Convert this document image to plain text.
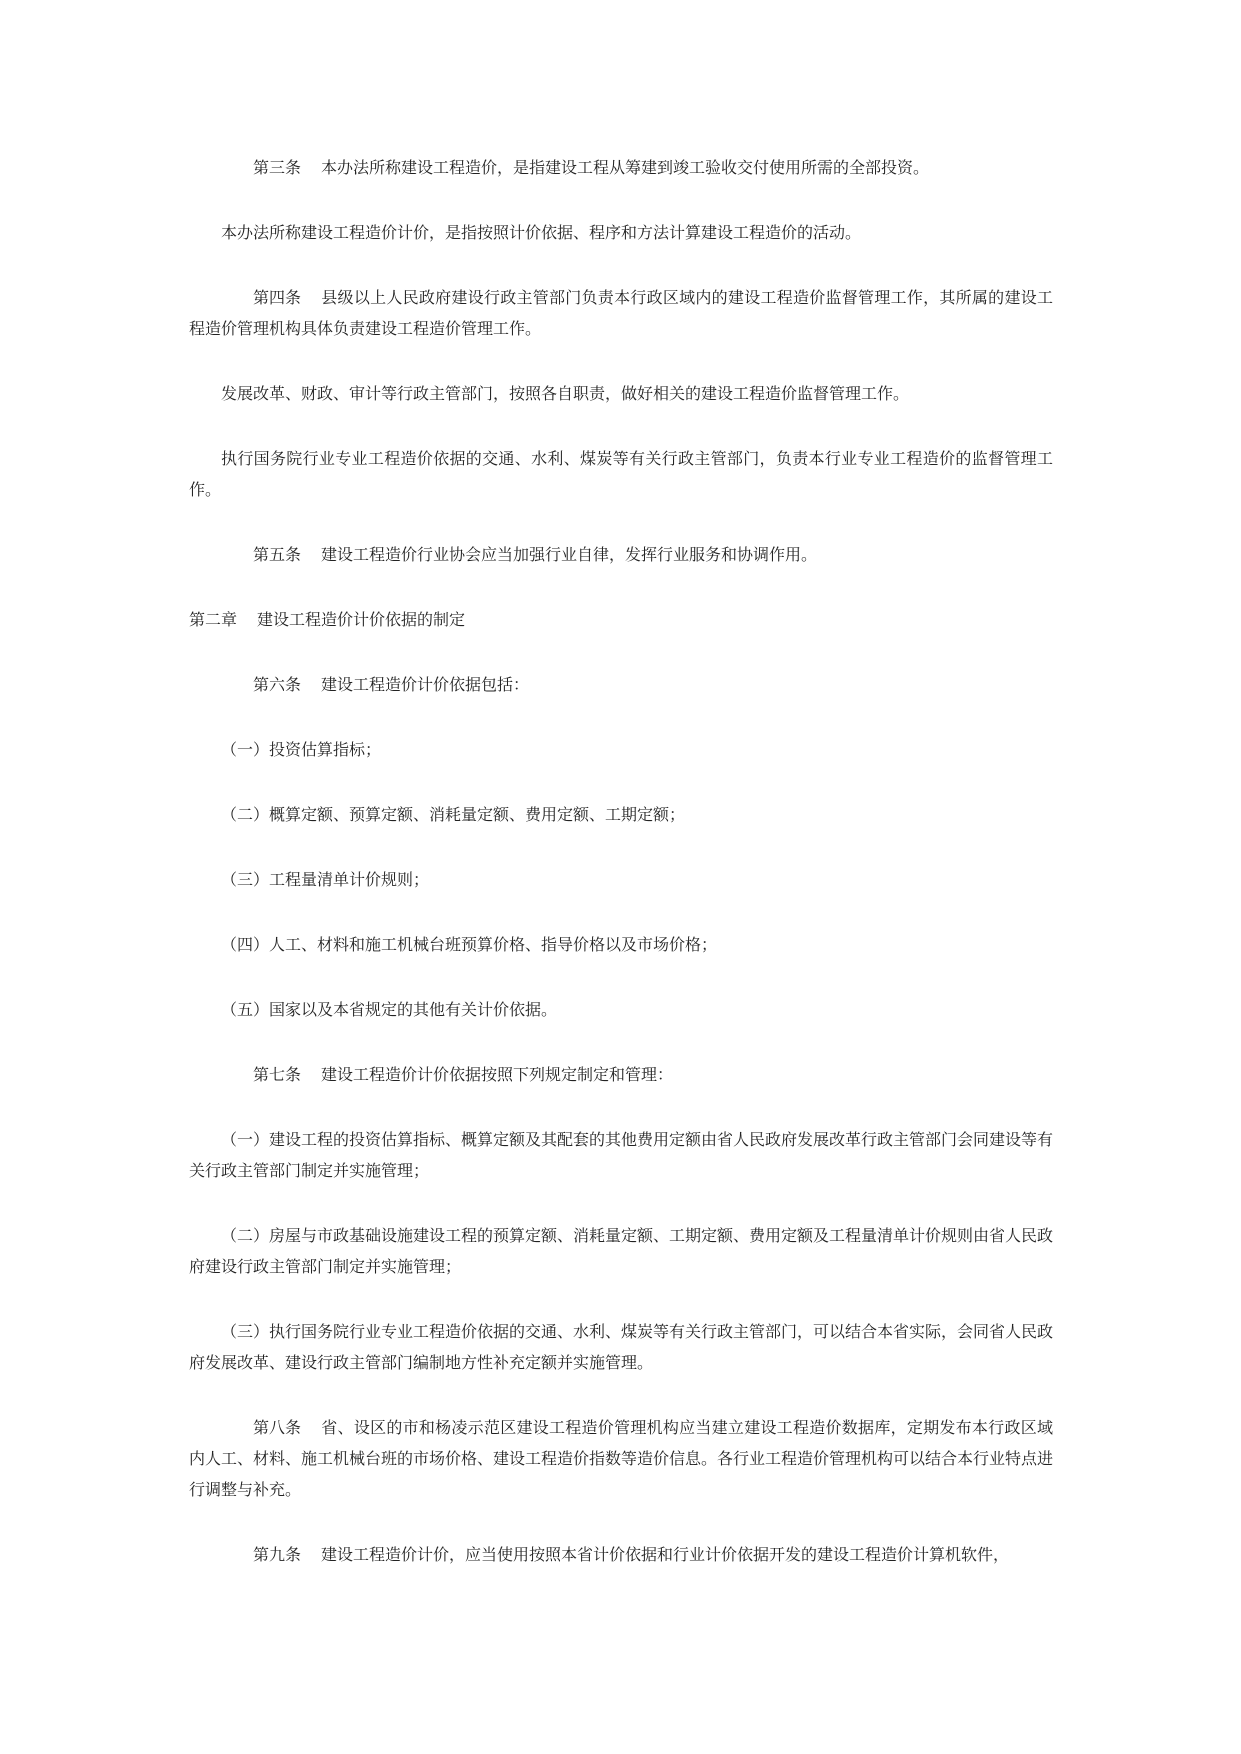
第三条 本办法所称建设工程造价，是指建设工程从筹建到竣工验收交付使用所需的全部投资。

本办法所称建设工程造价计价，是指按照计价依据、程序和方法计算建设工程造价的活动。

第四条 县级以上人民政府建设行政主管部门负责本行政区域内的建设工程造价监督管理工作，其所属的建设工程造价管理机构具体负责建设工程造价管理工作。

发展改革、财政、审计等行政主管部门，按照各自职责，做好相关的建设工程造价监督管理工作。

执行国务院行业专业工程造价依据的交通、水利、煤炭等有关行政主管部门，负责本行业专业工程造价的监督管理工作。

第五条 建设工程造价行业协会应当加强行业自律，发挥行业服务和协调作用。

第二章 建设工程造价计价依据的制定

第六条 建设工程造价计价依据包括：

（一）投资估算指标；

（二）概算定额、预算定额、消耗量定额、费用定额、工期定额；

（三）工程量清单计价规则；

（四）人工、材料和施工机械台班预算价格、指导价格以及市场价格；

（五）国家以及本省规定的其他有关计价依据。

第七条 建设工程造价计价依据按照下列规定制定和管理：

（一）建设工程的投资估算指标、概算定额及其配套的其他费用定额由省人民政府发展改革行政主管部门会同建设等有关行政主管部门制定并实施管理；

（二）房屋与市政基础设施建设工程的预算定额、消耗量定额、工期定额、费用定额及工程量清单计价规则由省人民政府建设行政主管部门制定并实施管理；

（三）执行国务院行业专业工程造价依据的交通、水利、煤炭等有关行政主管部门，可以结合本省实际，会同省人民政府发展改革、建设行政主管部门编制地方性补充定额并实施管理。

第八条 省、设区的市和杨凌示范区建设工程造价管理机构应当建立建设工程造价数据库，定期发布本行政区域内人工、材料、施工机械台班的市场价格、建设工程造价指数等造价信息。各行业工程造价管理机构可以结合本行业特点进行调整与补充。

第九条 建设工程造价计价，应当使用按照本省计价依据和行业计价依据开发的建设工程造价计算机软件，
